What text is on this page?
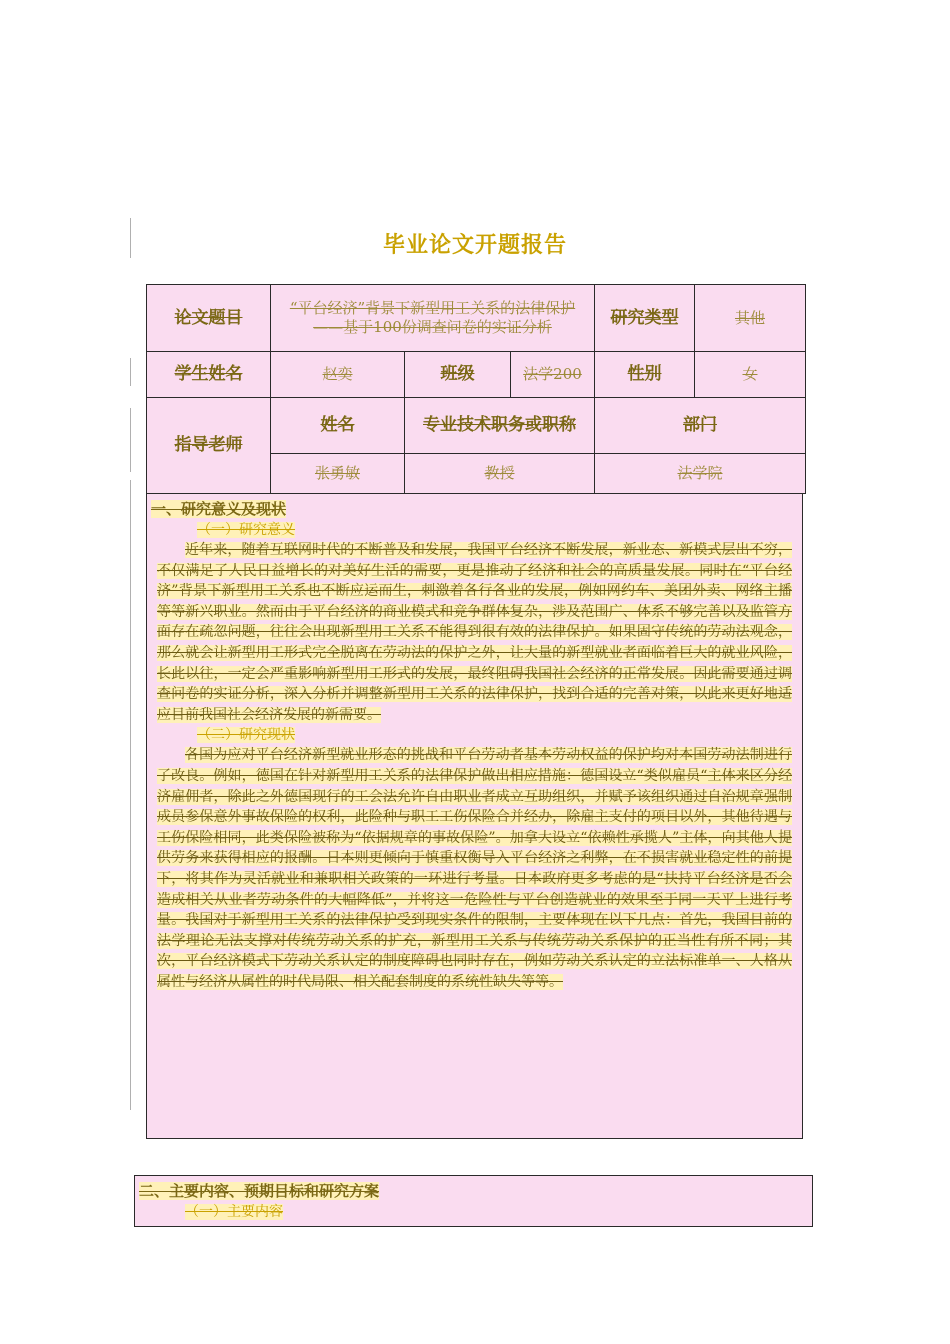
毕业论文开题报告
论文题目	“平台经济”背景下新型用工关系的法律保护 ——基于100份调查问卷的实证分析			研究类型	其他
学生姓名	赵奕	班级	法学200	性别	女
指导老师	姓名	专业技术职务或职称		部门	
	张勇敏	教授		法学院	

一、研究意义及现状

（一）研究意义

近年来，随着互联网时代的不断普及和发展，我国平台经济不断发展，新业态、新模式层出不穷，不仅满足了人民日益增长的对美好生活的需要，更是推动了经济和社会的高质量发展。同时在“平台经济”背景下新型用工关系也不断应运而生，刺激着各行各业的发展，例如网约车、美团外卖、网络主播等等新兴职业。然而由于平台经济的商业模式和竞争群体复杂，涉及范围广、体系不够完善以及监管方面存在疏忽问题，往往会出现新型用工关系不能得到很有效的法律保护。如果固守传统的劳动法观念，那么就会让新型用工形式完全脱离在劳动法的保护之外，让大量的新型就业者面临着巨大的就业风险，长此以往，一定会严重影响新型用工形式的发展，最终阻碍我国社会经济的正常发展。因此需要通过调查问卷的实证分析，深入分析并调整新型用工关系的法律保护，找到合适的完善对策，以此来更好地适应目前我国社会经济发展的新需要。

（二）研究现状

各国为应对平台经济新型就业形态的挑战和平台劳动者基本劳动权益的保护均对本国劳动法制进行了改良。例如，德国在针对新型用工关系的法律保护做出相应措施：德国设立“类似雇员“主体来区分经济雇佣者，除此之外德国现行的工会法允许自由职业者成立互助组织，并赋予该组织通过自治规章强制成员参保意外事故保险的权利，此险种与职工工伤保险合并经办，除雇主支付的项目以外，其他待遇与工伤保险相同，此类保险被称为“依据规章的事故保险”。加拿大设立“依赖性承揽人”主体，向其他人提供劳务来获得相应的报酬。日本则更倾向于慎重权衡导入平台经济之利弊，在不损害就业稳定性的前提下，将其作为灵活就业和兼职相关政策的一环进行考量。日本政府更多考虑的是“扶持平台经济是否会造成相关从业者劳动条件的大幅降低”，并将这一危险性与平台创造就业的效果至于同一天平上进行考量。我国对于新型用工关系的法律保护受到现实条件的限制，主要体现在以下几点：首先，我国目前的法学理论无法支撑对传统劳动关系的扩充，新型用工关系与传统劳动关系保护的正当性有所不同；其次，平台经济模式下劳动关系认定的制度障碍也同时存在，例如劳动关系认定的立法标准单一、人格从属性与经济从属性的时代局限、相关配套制度的系统性缺失等等。

二、主要内容、预期目标和研究方案

（一）主要内容
